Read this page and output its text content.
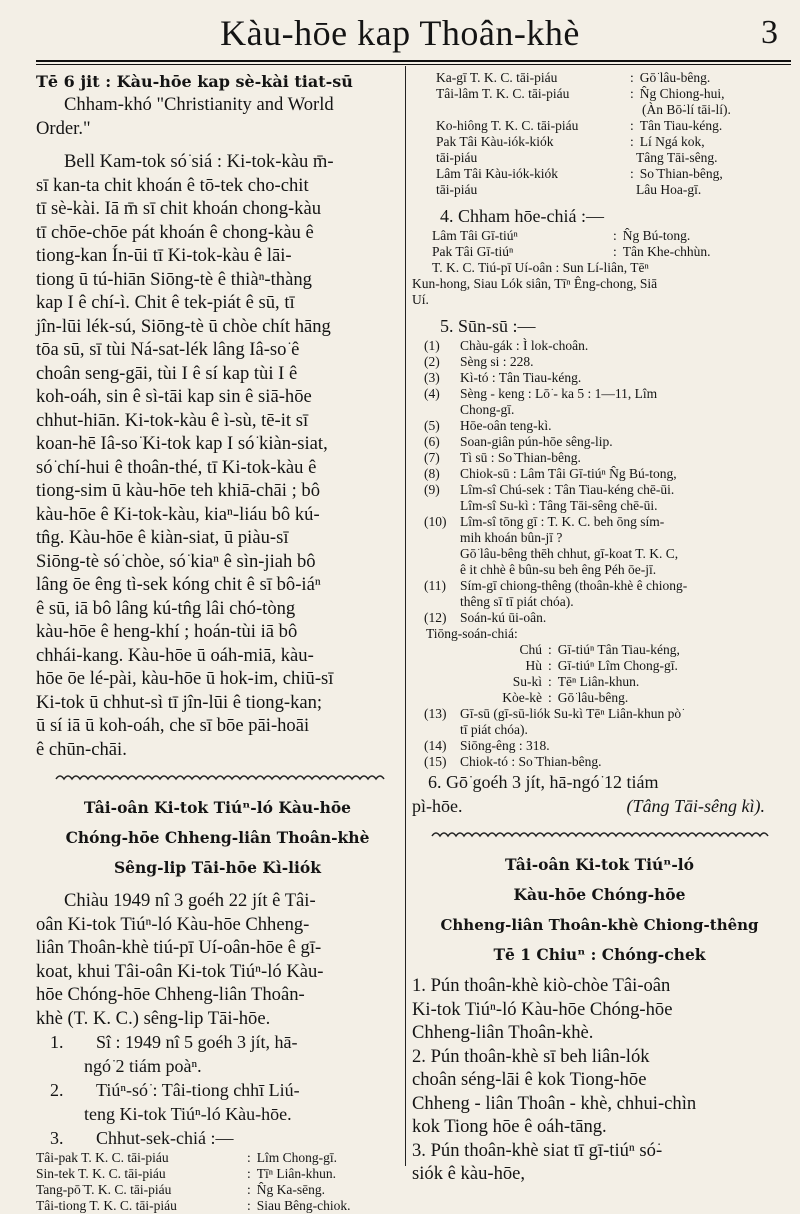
Kàu-hōe kap Thoân-khè	3
Tē 6 jit : Kàu-hōe kap sè-kài tiat-sū
Chham-khó "Christianity and World
Order."
Bell Kam-tok só͘ siá : Ki-tok-kàu m̄-
sī kan-ta chit khoán ê tō-tek cho-chit
tī sè-kài. Iā m̄ sī chit khoán chong-kàu
tī chōe-chōe pát khoán ê chong-kàu ê
tiong-kan Ín-ūi tī Ki-tok-kàu ê lāi-
tiong ū tú-hiān Siōng-tè ê thiàⁿ-thàng
kap I ê chí-ì. Chit ê tek-piát ê sū, tī
jîn-lūi lék-sú, Siōng-tè ū chòe chít hāng
tōa sū, sī tùi Ná-sat-lék lâng Iâ-so͘ ê
choân seng-gāi, tùi I ê sí kap tùi I ê
koh-oáh, sin ê sì-tāi kap sin ê siā-hōe
chhut-hiān. Ki-tok-kàu ê ì-sù, tē-it sī
koan-hē Iâ-so͘ Ki-tok kap I só͘ kiàn-siat,
só͘ chí-hui ê thoân-thé, tī Ki-tok-kàu ê
tiong-sim ū kàu-hōe teh khiā-chāi ; bô
kàu-hōe ê Ki-tok-kàu, kiaⁿ-liáu bô kú-
tn̂g. Kàu-hōe ê kiàn-siat, ū piàu-sī
Siōng-tè só͘ chòe, só͘ kiaⁿ ê sìn-jiah bô
lâng ōe êng tì-sek kóng chit ê sī bô-iáⁿ
ê sū, iā bô lâng kú-tn̂g lâi chó-tòng
kàu-hōe ê heng-khí ; hoán-tùi iā bô
chhái-kang. Kàu-hōe ū oáh-miā, kàu-
hōe ōe lé-pài, kàu-hōe ū hok-im, chiū-sī
Ki-tok ū chhut-sì tī jîn-lūi ê tiong-kan;
ū sí iā ū koh-oáh, che sī bōe pāi-hoāi
ê chūn-chāi.
Tâi-oân Ki-tok Tiúⁿ-ló Kàu-hōe
Chóng-hōe Chheng-liân Thoân-khè
Sêng-lip Tāi-hōe Kì-liók
Chiàu 1949 nî 3 goéh 22 jít ê Tâi-
oân Ki-tok Tiúⁿ-ló Kàu-hōe Chheng-
liân Thoân-khè tiú-pī Uí-oân-hōe ê gī-
koat, khui Tâi-oân Ki-tok Tiúⁿ-ló Kàu-
hōe Chóng-hōe Chheng-liân Thoân-
khè (T. K. C.) sêng-lip Tāi-hōe.
1.	Sî : 1949 nî 5 goéh 3 jít, hā-
ngó͘ 2 tiám poàⁿ.
2.	Tiúⁿ-só͘ : Tâi-tiong chhī Liú-
teng Ki-tok Tiúⁿ-ló Kàu-hōe.
3.	Chhut-sek-chiá :—
Tâi-pak T. K. C. tāi-piáu	: Lîm Chong-gī.
Sin-tek T. K. C. tāi-piáu	: Tīⁿ Liân-khun.
Tang-pō͘ T. K. C. tāi-piáu	: N̂g Ka-sēng.
Tâi-tiong T. K. C. tāi-piáu	: Siau Bêng-chiok.
Ka-gī T. K. C. tāi-piáu	: Gō͘ lâu-bêng.
Tâi-lâm T. K. C. tāi-piáu	: N̂g Chiong-hui,
(Àn Bō͘-lí tāi-lí).
Ko-hiông T. K. C. tāi-piáu	: Tân Tiau-kéng.
Pak Tâi Kàu-iók-kiók	: Lí Ngá kok,
tāi-piáu	Tâng Tāi-sêng.
Lâm Tâi Kàu-iók-kiók	: So͘ Thian-bêng,
tāi-piáu	Lâu Hoa-gī.
4. Chham hōe-chiá :—
Lâm Tâi Gī-tiúⁿ	: N̂g Bú-tong.
Pak Tâi Gī-tiúⁿ	: Tân Khe-chhùn.
T. K. C. Tiú-pī Uí-oân : Sun Lí-liân, Tēⁿ
Kun-hong, Siau Lók siân, Tīⁿ Êng-chong, Siā
Uí.
5. Sūn-sū :—
(1)	Chàu-gák : Ì lok-choân.
(2)	Sèng si : 228.
(3)	Kì-tó : Tân Tiau-kéng.
(4)	Sèng - keng : Lō͘ - ka 5 : 1—11, Lîm
Chong-gī.
(5)	Hōe-oân teng-kì.
(6)	Soan-giân pún-hōe sêng-lip.
(7)	Tì sū : So͘ Thian-bêng.
(8)	Chiok-sū : Lâm Tâi Gī-tiúⁿ N̂g Bú-tong,
(9)	Lîm-sî Chú-sek : Tân Tiau-kéng chē-ūi.
Lîm-sî Su-kì : Tâng Tāi-sêng chē-ūi.
(10)	Lîm-sî tōng gī : T. K. C. beh ōng sím-
mih khoán bûn-jī ?
Gō͘ lâu-bêng thēh chhut, gī-koat T. K. C,
ê it chhè ê bûn-su beh êng Péh ōe-jī.
(11)	Sím-gī chiong-thêng (thoân-khè ê chiong-
thêng sī tī piát chóa).
(12)	Soán-kú ūi-oân.
Tiōng-soán-chiá:
Chú : Gī-tiúⁿ Tân Tiau-kéng,
Hù : Gī-tiúⁿ Lîm Chong-gī.
Su-kì : Tēⁿ Liân-khun.
Kòe-kè : Gō͘ lâu-bêng.
(13)	Gī-sū (gī-sū-liók Su-kì Tēⁿ Liân-khun pò͘
tī piát chóa).
(14)	Siōng-êng : 318.
(15)	Chiok-tó : So͘ Thian-bêng.
6. Gō͘ goéh 3 jít, hā-ngó͘ 12 tiám
pì-hōe.	(Tâng Tāi-sêng kì).
Tâi-oân Ki-tok Tiúⁿ-ló
Kàu-hōe Chóng-hōe
Chheng-liân Thoân-khè Chiong-thêng
Tē 1 Chiuⁿ : Chóng-chek
1. Pún thoân-khè kiò-chòe Tâi-oân
Ki-tok Tiúⁿ-ló Kàu-hōe Chóng-hōe
Chheng-liân Thoân-khè.
2. Pún thoân-khè sī beh liân-lók
choân séng-lāi ê kok Tiong-hōe
Chheng - liân Thoân - khè, chhui-chìn
kok Tiong hōe ê oáh-tāng.
3. Pún thoân-khè siat tī gī-tiúⁿ só͘-
siók ê kàu-hōe,
